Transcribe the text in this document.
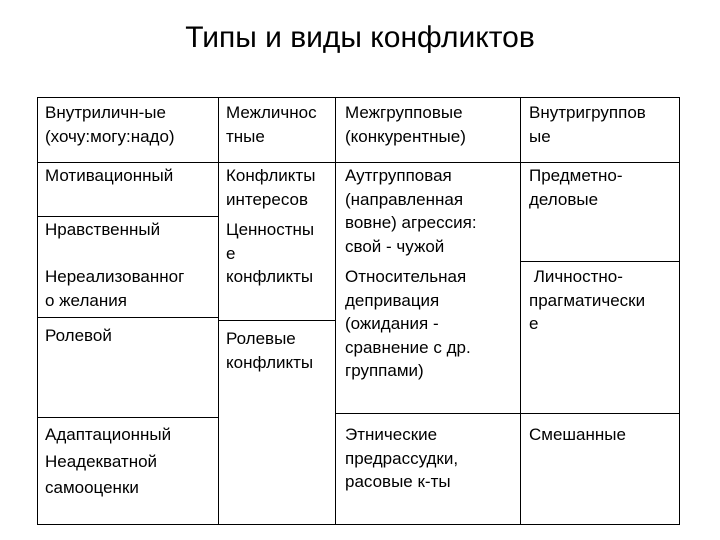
Типы и виды конфликтов
Внутриличн-ые
(хочу:могу:надо)
Межличнос
тные
Межгрупповые
(конкурентные)
Внутригруппов
ые
Мотивационный
Нравственный
Нереализованног
о желания
Ролевой
Адаптационный
Неадекватной
самооценки
Конфликты
интересов
Ценностны
е
конфликты
Ролевые
конфликты
Аутгрупповая
(направленная
вовне) агрессия:
свой - чужой
Относительная
депривация
(ожидания -
сравнение с др.
группами)
Этнические
предрассудки,
расовые к-ты
Предметно-
деловые
Личностно-
прагматически
е
Смешанные
